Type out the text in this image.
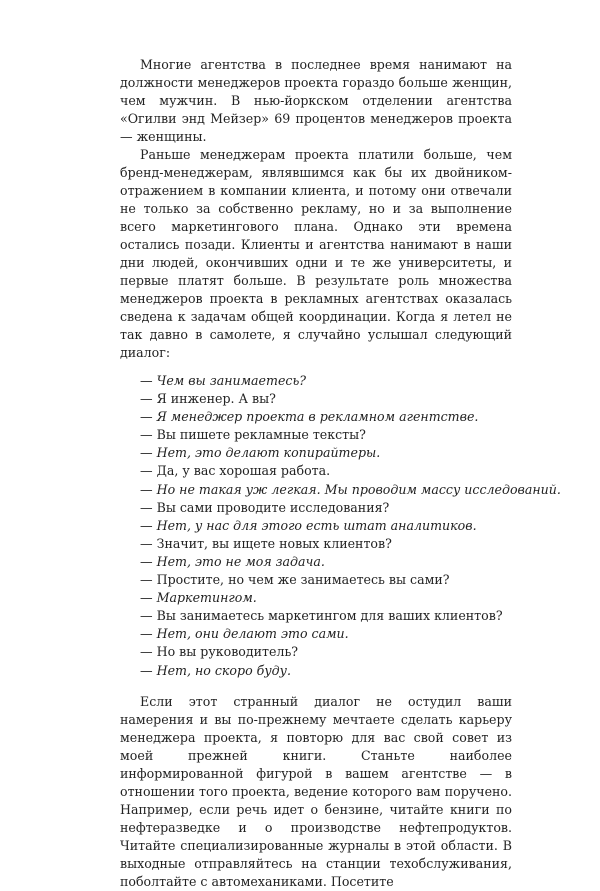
Многие агентства в последнее время нанимают на должности менеджеров проекта гораздо больше женщин, чем мужчин. В нью-йоркском отделении агентства «Огилви энд Мейзер» 69 процентов менеджеров проекта — женщины.

Раньше менеджерам проекта платили больше, чем бренд-менеджерам, являвшимся как бы их двойником-отражением в компании клиента, и потому они отвечали не только за собственно рекламу, но и за выполнение всего маркетингового плана. Однако эти времена остались позади. Клиенты и агентства нанимают в наши дни людей, окончивших одни и те же университеты, и первые платят больше. В результате роль множества менеджеров проекта в рекламных агентствах оказалась сведена к задачам общей координации. Когда я летел не так давно в самолете, я случайно услышал следующий диалог:

— Чем вы занимаетесь?
— Я инженер. А вы?
— Я менеджер проекта в рекламном агентстве.
— Вы пишете рекламные тексты?
— Нет, это делают копирайтеры.
— Да, у вас хорошая работа.
— Но не такая уж легкая. Мы проводим массу исследований.
— Вы сами проводите исследования?
— Нет, у нас для этого есть штат аналитиков.
— Значит, вы ищете новых клиентов?
— Нет, это не моя задача.
— Простите, но чем же занимаетесь вы сами?
— Маркетингом.
— Вы занимаетесь маркетингом для ваших клиентов?
— Нет, они делают это сами.
— Но вы руководитель?
— Нет, но скоро буду.

Если этот странный диалог не остудил ваши намерения и вы по-прежнему мечтаете сделать карьеру менеджера проекта, я повторю для вас свой совет из моей прежней книги. Станьте наиболее информированной фигурой в вашем агентстве — в отношении того проекта, ведение которого вам поручено. Например, если речь идет о бензине, читайте книги по нефтеразведке и о производстве нефтепродуктов. Читайте специализированные журналы в этой области. В выходные отправляйтесь на станции техобслуживания, поболтайте с автомеханиками. Посетите
